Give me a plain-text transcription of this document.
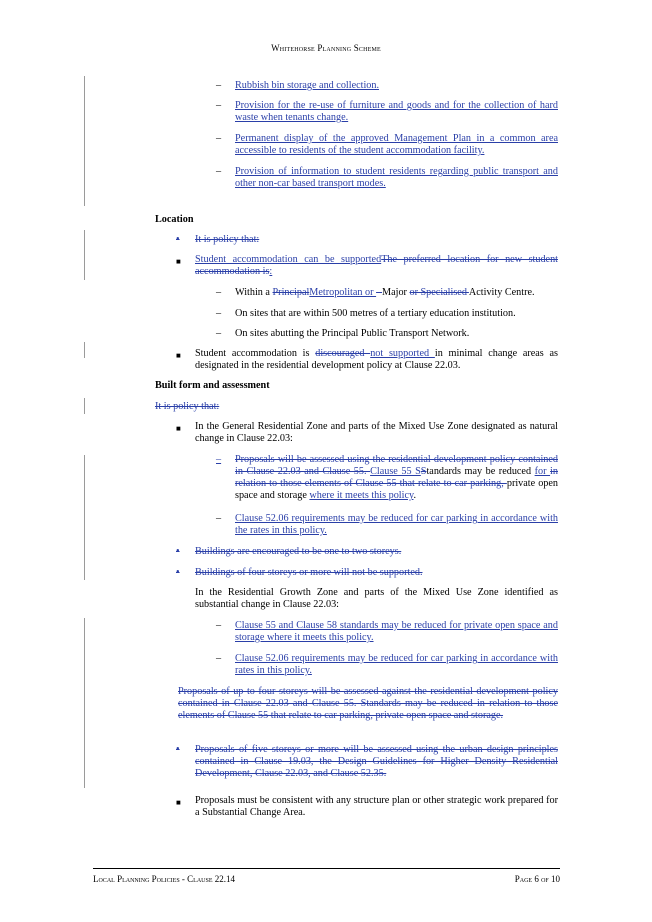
Whitehorse Planning Scheme
– Rubbish bin storage and collection.
– Provision for the re-use of furniture and goods and for the collection of hard waste when tenants change.
– Permanent display of the approved Management Plan in a common area accessible to residents of the student accommodation facility.
– Provision of information to student residents regarding public transport and other non-car based transport modes.
Location
• It is policy that:
■ Student accommodation can be supportedThe preferred location for new student accommodation is:
– Within a PrincipalMetropolitan or - Major or Specialised Activity Centre.
– On sites that are within 500 metres of a tertiary education institution.
– On sites abutting the Principal Public Transport Network.
■ Student accommodation is discouraged not supported in minimal change areas as designated in the residential development policy at Clause 22.03.
Built form and assessment
It is policy that:
■ In the General Residential Zone and parts of the Mixed Use Zone designated as natural change in Clause 22.03:
– Proposals will be assessed using the residential development policy contained in Clause 22.03 and Clause 55. Clause 55 SStandards may be reduced for in relation to those elements of Clause 55 that relate to car parking, private open space and storage where it meets this policy.
– Clause 52.06 requirements may be reduced for car parking in accordance with the rates in this policy.
• Buildings are encouraged to be one to two storeys.
• Buildings of four storeys or more will not be supported.
In the Residential Growth Zone and parts of the Mixed Use Zone identified as substantial change in Clause 22.03:
– Clause 55 and Clause 58 standards may be reduced for private open space and storage where it meets this policy.
– Clause 52.06 requirements may be reduced for car parking in accordance with rates in this policy.
Proposals of up to four storeys will be assessed against the residential development policy contained in Clause 22.03 and Clause 55. Standards may be reduced in relation to those elements of Clause 55 that relate to car parking, private open space and storage.
• Proposals of five storeys or more will be assessed using the urban design principles contained in Clause 19.03, the Design Guidelines for Higher Density Residential Development, Clause 22.03, and Clause 52.35.
■ Proposals must be consistent with any structure plan or other strategic work prepared for a Substantial Change Area.
Local Planning Policies - Clause 22.14	Page 6 of 10
